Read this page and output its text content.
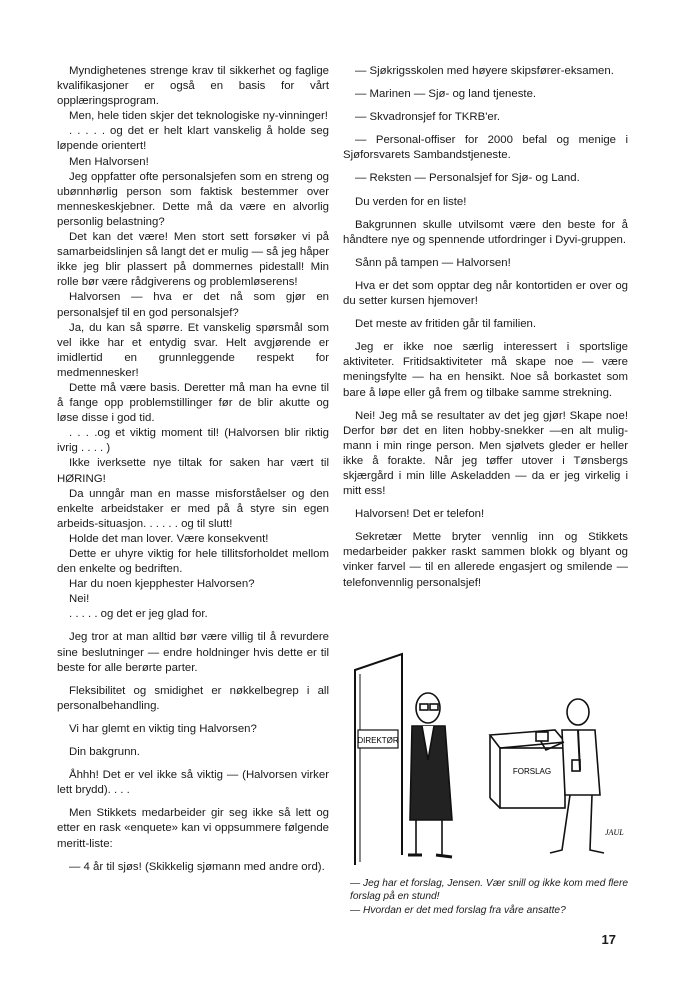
Myndighetenes strenge krav til sikkerhet og faglige kvalifikasjoner er også en basis for vårt opplæringsprogram.

Men, hele tiden skjer det teknologiske ny-vinninger!

. . . . . og det er helt klart vanskelig å holde seg løpende orientert!

Men Halvorsen!

Jeg oppfatter ofte personalsjefen som en streng og ubønnhørlig person som faktisk bestemmer over menneskeskjebner. Dette må da være en alvorlig personlig belastning?

Det kan det være! Men stort sett forsøker vi på samarbeidslinjen så langt det er mulig — så jeg håper ikke jeg blir plassert på dommernes pidestall! Min rolle bør være rådgiverens og problemløserens!

Halvorsen — hva er det nå som gjør en personalsjef til en god personalsjef?

Ja, du kan så spørre. Et vanskelig spørsmål som vel ikke har et entydig svar. Helt avgjørende er imidlertid en grunnleggende respekt for medmennesker!

Dette må være basis. Deretter må man ha evne til å fange opp problemstillinger før de blir akutte og løse disse i god tid.

. . . .og et viktig moment til! (Halvorsen blir riktig ivrig . . . . )

Ikke iverksette nye tiltak for saken har vært til HØRING!

Da unngår man en masse misforståelser og den enkelte arbeidstaker er med på å styre sin egen arbeids-situasjon. . . . . . og til slutt!

Holde det man lover. Være konsekvent!

Dette er uhyre viktig for hele tillitsforholdet mellom den enkelte og bedriften.

Har du noen kjepphester Halvorsen?

Nei!

. . . . . og det er jeg glad for.

Jeg tror at man alltid bør være villig til å revurdere sine beslutninger — endre holdninger hvis dette er til beste for alle berørte parter.

Fleksibilitet og smidighet er nøkkelbegrep i all personalbehandling.

Vi har glemt en viktig ting Halvorsen?

Din bakgrunn.

Åhhh! Det er vel ikke så viktig — (Halvorsen virker lett brydd). . . .

Men Stikkets medarbeider gir seg ikke så lett og etter en rask «enquete» kan vi oppsummere følgende meritt-liste:

— 4 år til sjøs! (Skikkelig sjømann med andre ord).

— Sjøkrigsskolen med høyere skipsfører-eksamen.

— Marinen — Sjø- og land tjeneste.

— Skvadronsjef for TKRB'er.

— Personal-offiser for 2000 befal og menige i Sjøforsvarets Sambandstjeneste.

— Reksten — Personalsjef for Sjø- og Land.

Du verden for en liste!

Bakgrunnen skulle utvilsomt være den beste for å håndtere nye og spennende utfordringer i Dyvi-gruppen.

Sånn på tampen — Halvorsen!

Hva er det som opptar deg når kontortiden er over og du setter kursen hjemover!

Det meste av fritiden går til familien.

Jeg er ikke noe særlig interessert i sportslige aktiviteter. Fritidsaktiviteter må skape noe — være meningsfylte — ha en hensikt. Noe så borkastet som bare å løpe eller gå frem og tilbake samme strekning.

Nei! Jeg må se resultater av det jeg gjør! Skape noe! Derfor bør det en liten hobby-snekker —en alt mulig-mann i min ringe person. Men sjølvets gleder er heller ikke å forakte. Når jeg tøffer utover i Tønsbergs skjærgård i min lille Askeladden — da er jeg virkelig i mitt ess!

Halvorsen! Det er telefon!

Sekretær Mette bryter vennlig inn og Stikkets medarbeider pakker raskt sammen blokk og blyant og vinker farvel — til en allerede engasjert og smilende — telefonvennlig personalsjef!

DIREKTØR
FORSLAG
JAUL

— Jeg har et forslag, Jensen. Vær snill og ikke kom med flere forslag på en stund!

— Hvordan er det med forslag fra våre ansatte?

17
